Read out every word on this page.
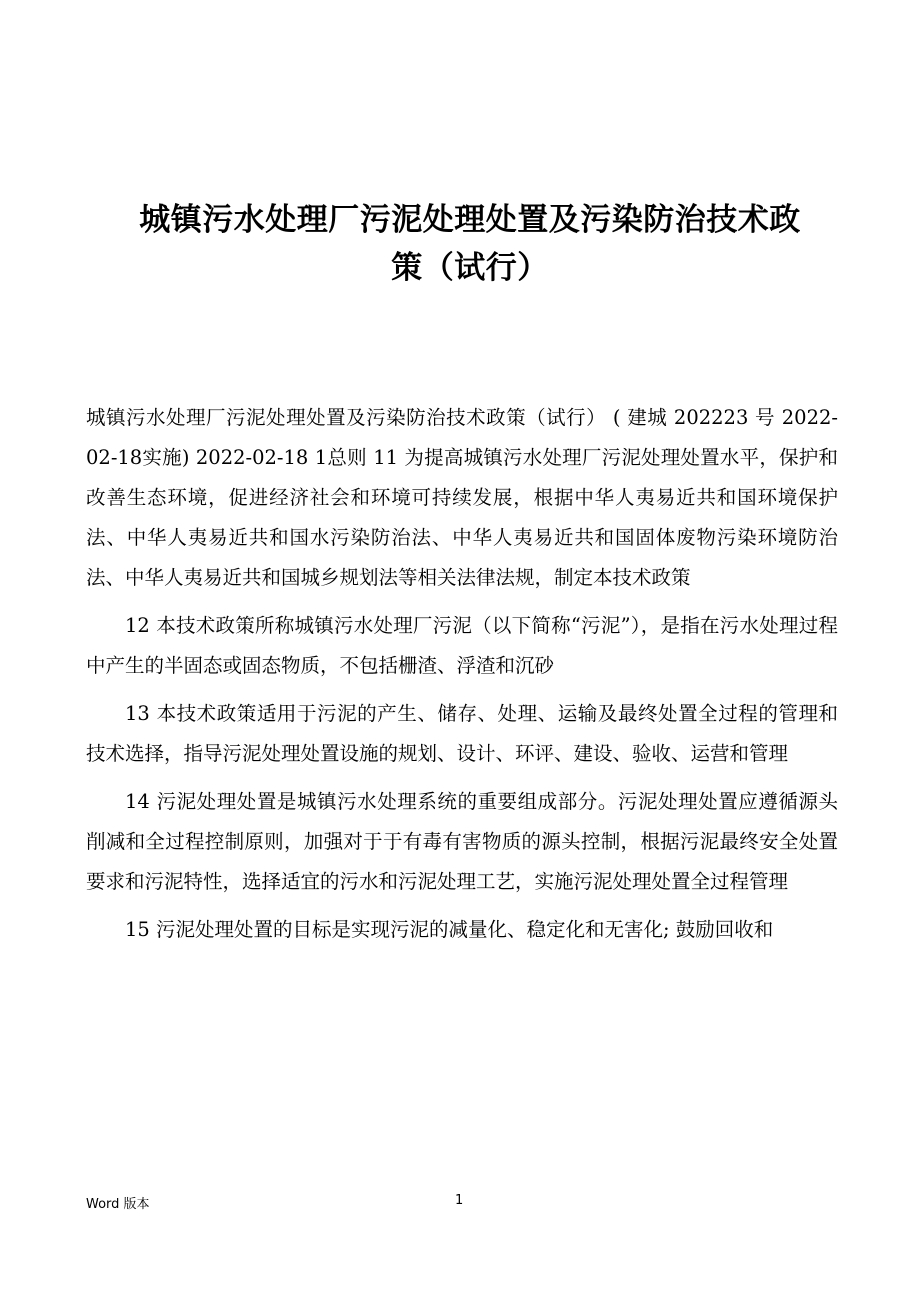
城镇污水处理厂污泥处理处置及污染防治技术政
策（试行）

城镇污水处理厂污泥处理处置及污染防治技术政策（试行） ( 建城 202223 号 2022-02-18实施) 2022-02-18 1总则 11 为提高城镇污水处理厂污泥处理处置水平，保护和改善生态环境，促进经济社会和环境可持续发展，根据中华人夷易近共和国环境保护法、中华人夷易近共和国水污染防治法、中华人夷易近共和国固体废物污染环境防治法、中华人夷易近共和国城乡规划法等相关法律法规，制定本技术政策

12 本技术政策所称城镇污水处理厂污泥（以下简称“污泥”），是指在污水处理过程中产生的半固态或固态物质，不包括栅渣、浮渣和沉砂

13 本技术政策适用于污泥的产生、储存、处理、运输及最终处置全过程的管理和技术选择，指导污泥处理处置设施的规划、设计、环评、建设、验收、运营和管理

14 污泥处理处置是城镇污水处理系统的重要组成部分。污泥处理处置应遵循源头削减和全过程控制原则，加强对于于有毒有害物质的源头控制，根据污泥最终安全处置要求和污泥特性，选择适宜的污水和污泥处理工艺，实施污泥处理处置全过程管理

15 污泥处理处置的目标是实现污泥的减量化、稳定化和无害化; 鼓励回收和

Word 版本	1
